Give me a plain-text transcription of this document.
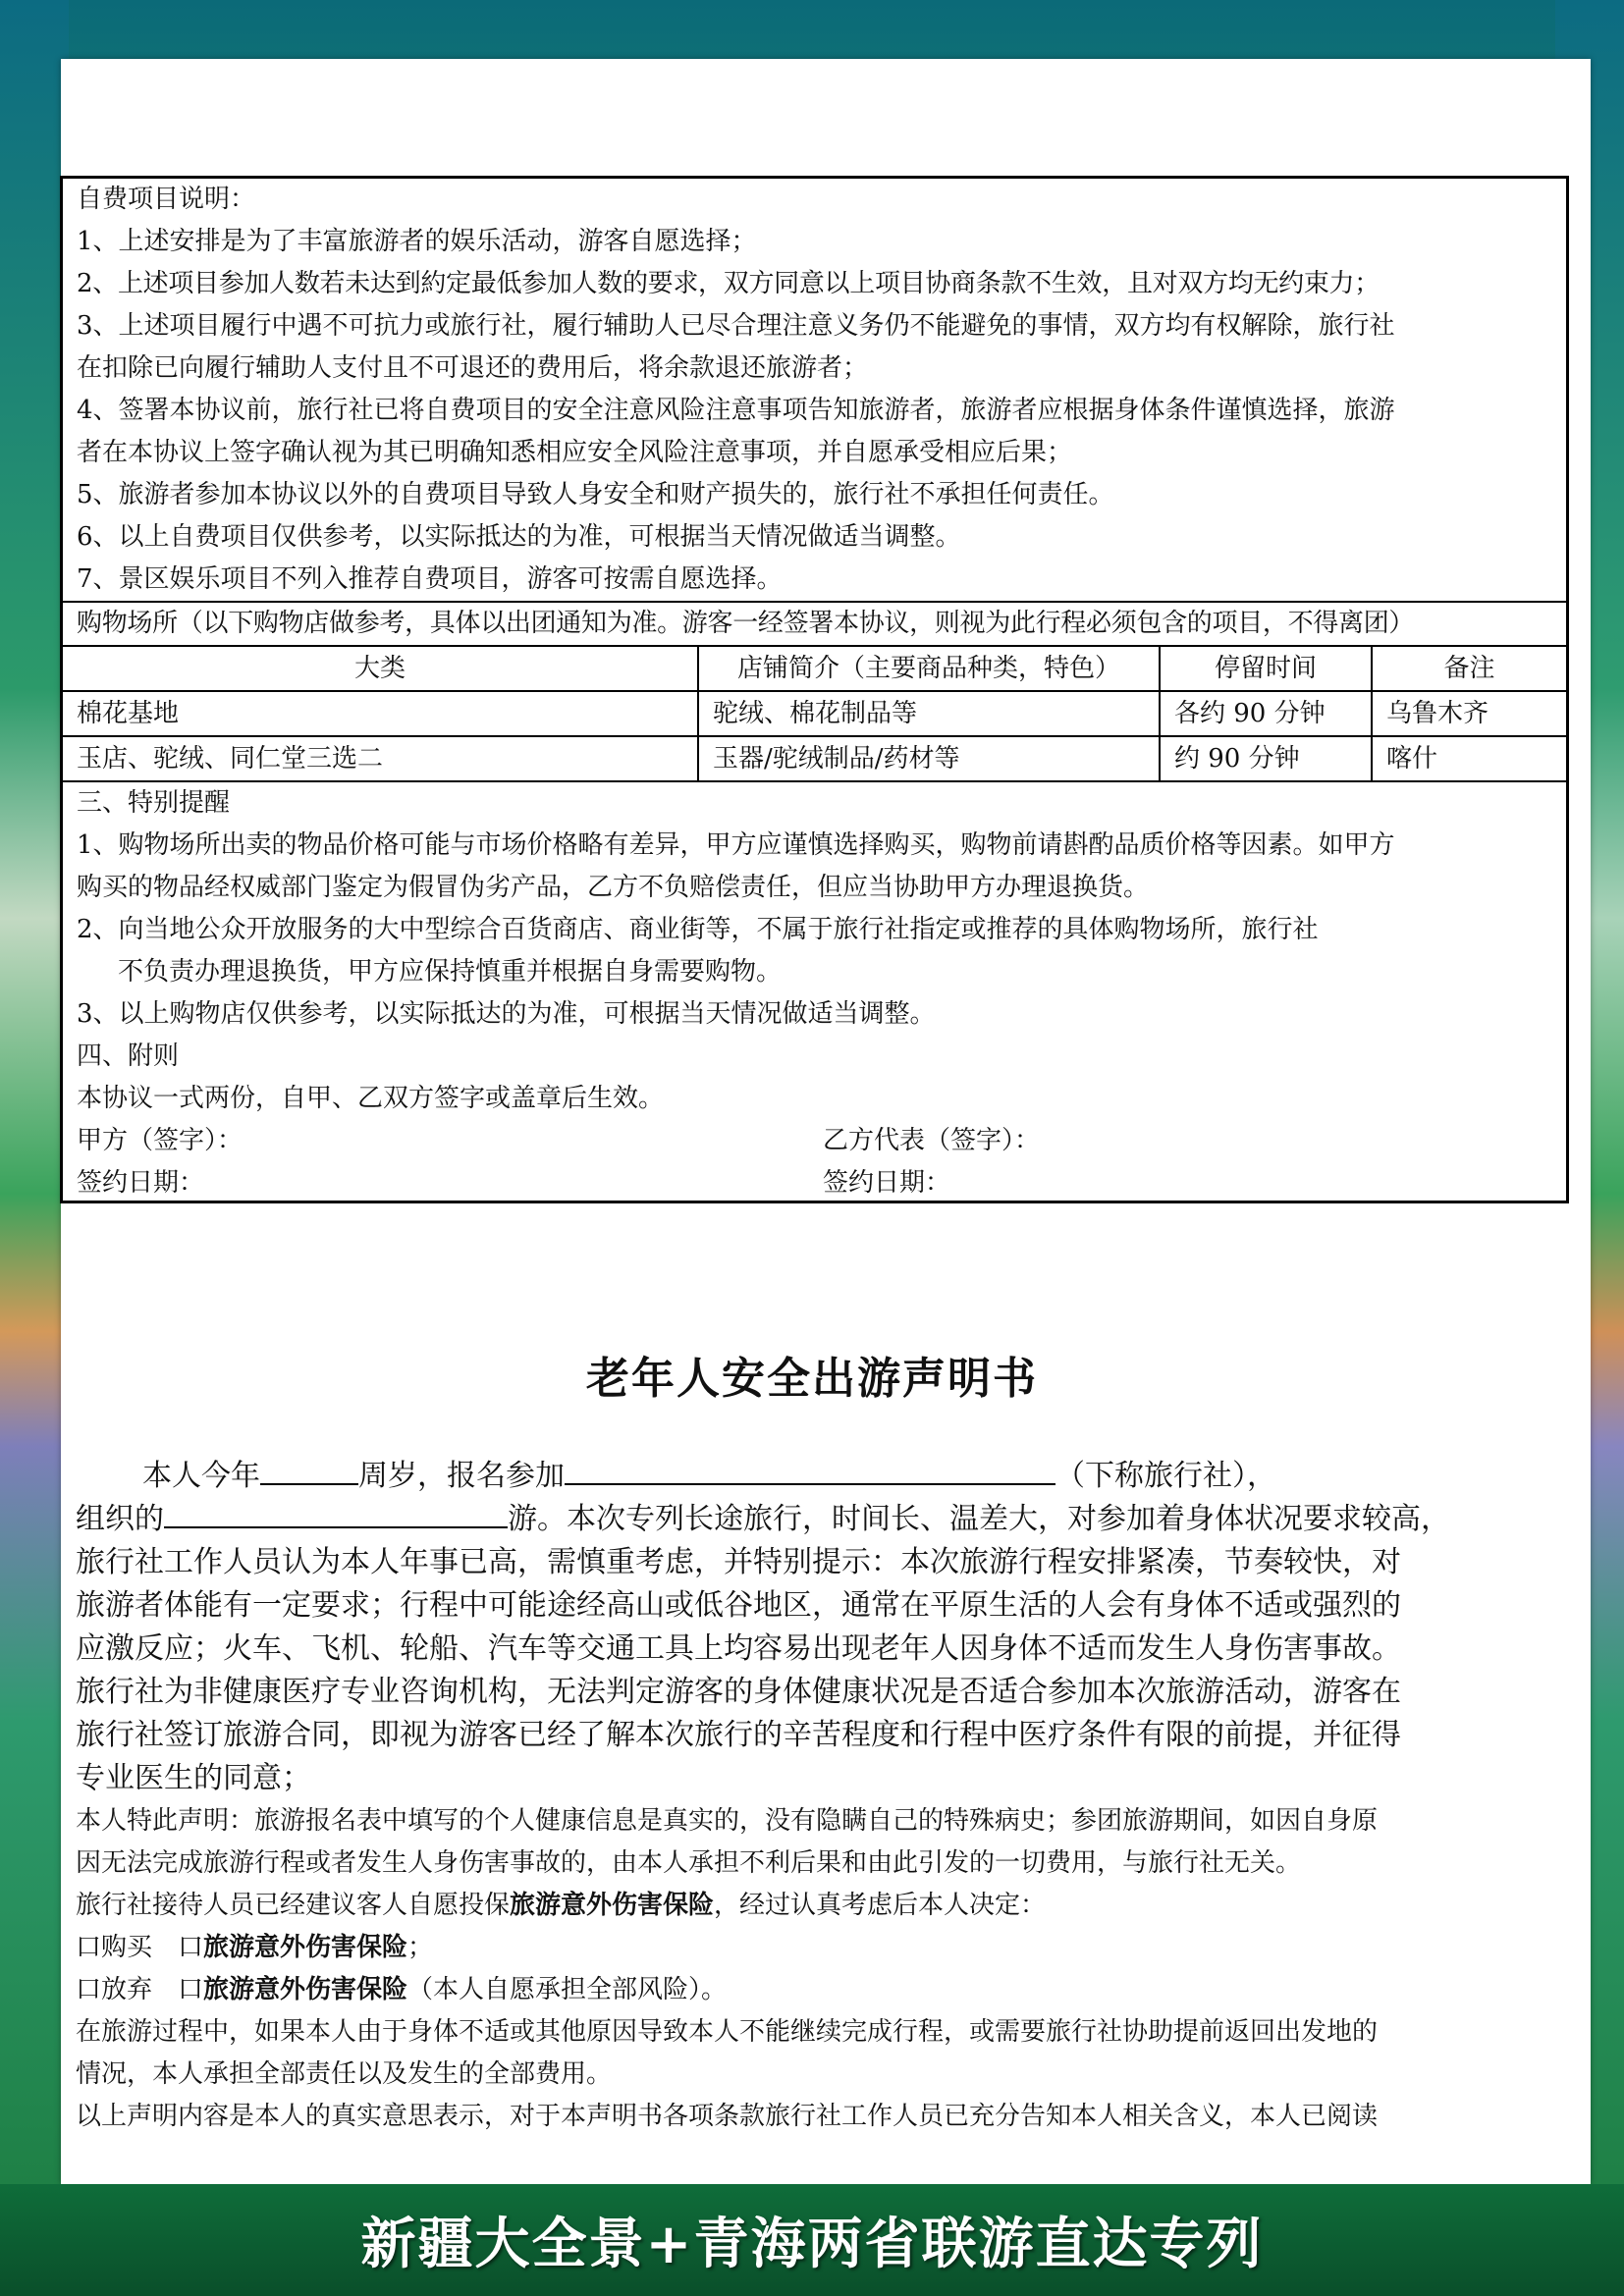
自费项目说明：
1、上述安排是为了丰富旅游者的娱乐活动，游客自愿选择；
2、上述项目参加人数若未达到約定最低参加人数的要求，双方同意以上项目协商条款不生效，且对双方均无约束力；
3、上述项目履行中遇不可抗力或旅行社，履行辅助人已尽合理注意义务仍不能避免的事情，双方均有权解除，旅行社
在扣除已向履行辅助人支付且不可退还的费用后，将余款退还旅游者；
4、签署本协议前，旅行社已将自费项目的安全注意风险注意事项告知旅游者，旅游者应根据身体条件谨慎选择，旅游
者在本协议上签字确认视为其已明确知悉相应安全风险注意事项，并自愿承受相应后果；
5、旅游者参加本协议以外的自费项目导致人身安全和财产损失的，旅行社不承担任何责任。
6、以上自费项目仅供参考，以实际抵达的为准，可根据当天情况做适当调整。
7、景区娱乐项目不列入推荐自费项目，游客可按需自愿选择。
购物场所（以下购物店做参考，具体以出团通知为准。游客一经签署本协议，则视为此行程必须包含的项目，不得离团）
大类	店铺简介（主要商品种类，特色）	停留时间	备注
棉花基地	驼绒、棉花制品等	各约 90 分钟	乌鲁木齐
玉店、驼绒、同仁堂三选二	玉器/驼绒制品/药材等	约 90 分钟	喀什
三、特别提醒
1、购物场所出卖的物品价格可能与市场价格略有差异，甲方应谨慎选择购买，购物前请斟酌品质价格等因素。如甲方
购买的物品经权威部门鉴定为假冒伪劣产品，乙方不负赔偿责任，但应当协助甲方办理退换货。
2、向当地公众开放服务的大中型综合百货商店、商业街等，不属于旅行社指定或推荐的具体购物场所，旅行社
不负责办理退换货，甲方应保持慎重并根据自身需要购物。
3、以上购物店仅供参考，以实际抵达的为准，可根据当天情况做适当调整。
四、附则
本协议一式两份，自甲、乙双方签字或盖章后生效。
甲方（签字）：	乙方代表（签字）：
签约日期：	签约日期：
老年人安全出游声明书
本人今年	周岁，报名参加	（下称旅行社），
组织的	游。本次专列长途旅行，时间长、温差大，对参加着身体状况要求较高，
旅行社工作人员认为本人年事已高，需慎重考虑，并特别提示：本次旅游行程安排紧凑，节奏较快，对
旅游者体能有一定要求；行程中可能途经高山或低谷地区，通常在平原生活的人会有身体不适或强烈的
应激反应；火车、飞机、轮船、汽车等交通工具上均容易出现老年人因身体不适而发生人身伤害事故。
旅行社为非健康医疗专业咨询机构，无法判定游客的身体健康状况是否适合参加本次旅游活动，游客在
旅行社签订旅游合同，即视为游客已经了解本次旅行的辛苦程度和行程中医疗条件有限的前提，并征得
专业医生的同意；
本人特此声明：旅游报名表中填写的个人健康信息是真实的，没有隐瞒自己的特殊病史；参团旅游期间，如因自身原
因无法完成旅游行程或者发生人身伤害事故的，由本人承担不利后果和由此引发的一切费用，与旅行社无关。
旅行社接待人员已经建议客人自愿投保旅游意外伤害保险，经过认真考虑后本人决定：
口购买　口旅游意外伤害保险；
口放弃　口旅游意外伤害保险（本人自愿承担全部风险）。
在旅游过程中，如果本人由于身体不适或其他原因导致本人不能继续完成行程，或需要旅行社协助提前返回出发地的
情况，本人承担全部责任以及发生的全部费用。
以上声明内容是本人的真实意思表示，对于本声明书各项条款旅行社工作人员已充分告知本人相关含义，本人已阅读
新疆大全景+青海两省联游直达专列
